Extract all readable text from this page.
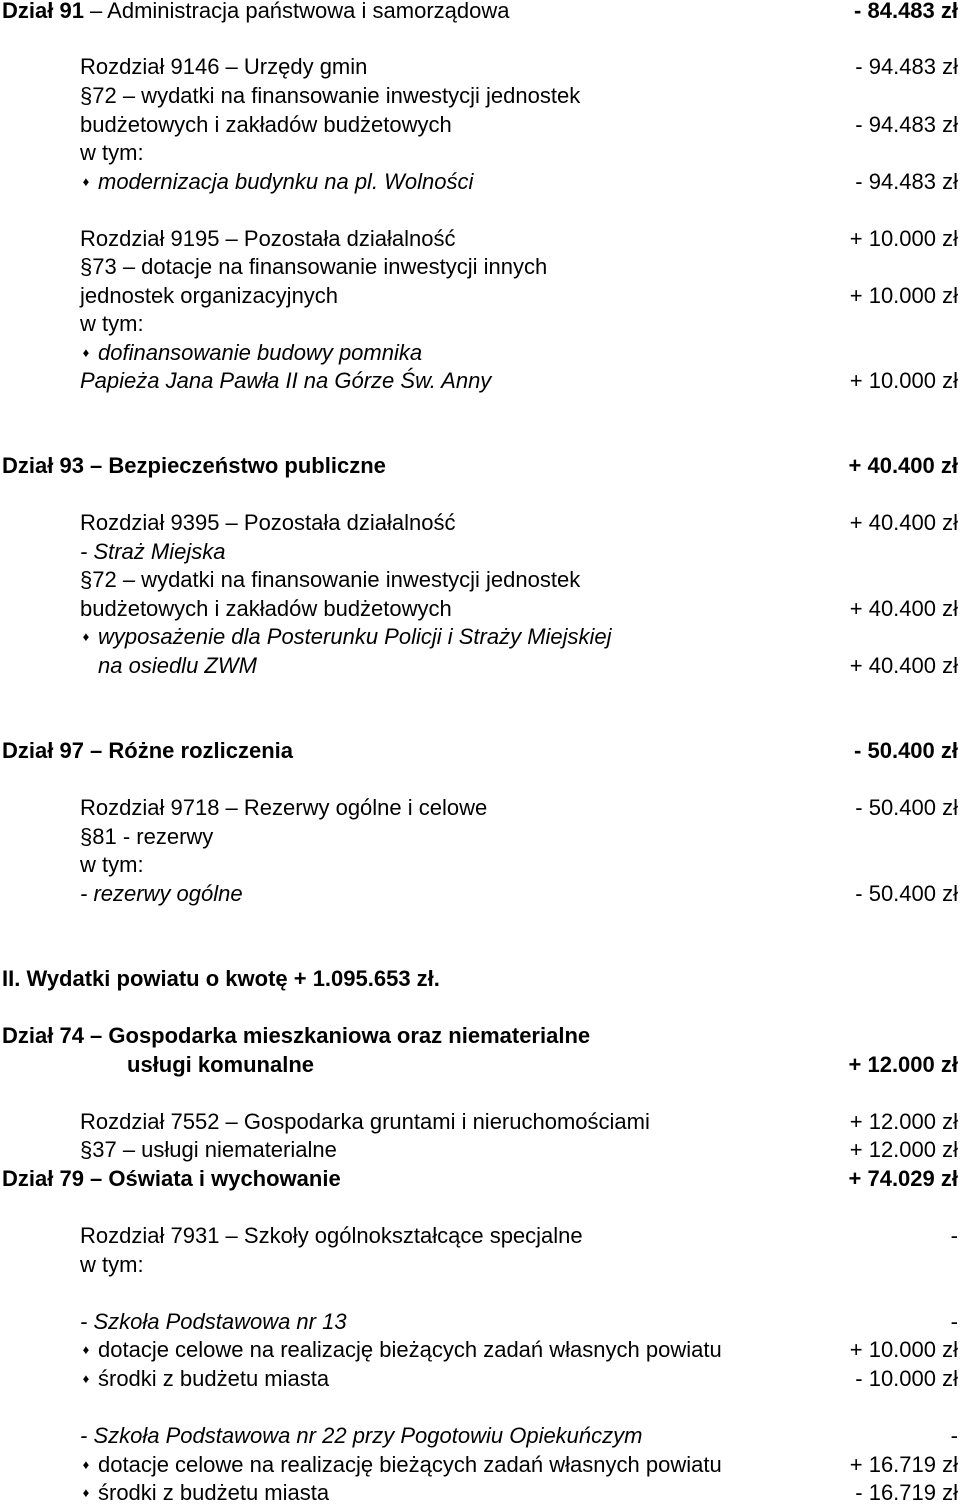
Dział 91 – Administracja państwowa i samorządowa	- 84.483 zł
Rozdział 9146 – Urzędy gmin	- 94.483 zł
§72 – wydatki na finansowanie inwestycji jednostek
budżetowych i zakładów budżetowych	- 94.483 zł
w tym:
♦ modernizacja budynku na pl. Wolności	- 94.483 zł
Rozdział 9195 – Pozostała działalność	+ 10.000 zł
§73 – dotacje na finansowanie inwestycji innych
jednostek organizacyjnych	+ 10.000 zł
w tym:
♦ dofinansowanie budowy pomnika
Papieża Jana Pawła II na Górze Św. Anny	+ 10.000 zł
Dział 93 – Bezpieczeństwo publiczne	+ 40.400 zł
Rozdział 9395 – Pozostała działalność	+ 40.400 zł
- Straż Miejska
§72 – wydatki na finansowanie inwestycji jednostek
budżetowych i zakładów budżetowych	+ 40.400 zł
♦ wyposażenie dla Posterunku Policji i Straży Miejskiej
na osiedlu ZWM	+ 40.400 zł
Dział 97 – Różne rozliczenia	- 50.400 zł
Rozdział 9718 – Rezerwy ogólne i celowe	- 50.400 zł
§81 - rezerwy
w tym:
- rezerwy ogólne	- 50.400 zł
II. Wydatki powiatu o kwotę + 1.095.653 zł.
Dział 74 – Gospodarka mieszkaniowa oraz niematerialne
usługi komunalne	+ 12.000 zł
Rozdział 7552 – Gospodarka gruntami i nieruchomościami	+ 12.000 zł
§37 – usługi niematerialne	+ 12.000 zł
Dział 79 – Oświata i wychowanie	+ 74.029 zł
Rozdział 7931 – Szkoły ogólnokształcące specjalne	-
w tym:
- Szkoła Podstawowa nr 13	-
♦ dotacje celowe na realizację bieżących zadań własnych powiatu	+ 10.000 zł
♦ środki z budżetu miasta	- 10.000 zł
- Szkoła Podstawowa nr 22 przy Pogotowiu Opiekuńczym	-
♦ dotacje celowe na realizację bieżących zadań własnych powiatu	+ 16.719 zł
♦ środki z budżetu miasta	- 16.719 zł
